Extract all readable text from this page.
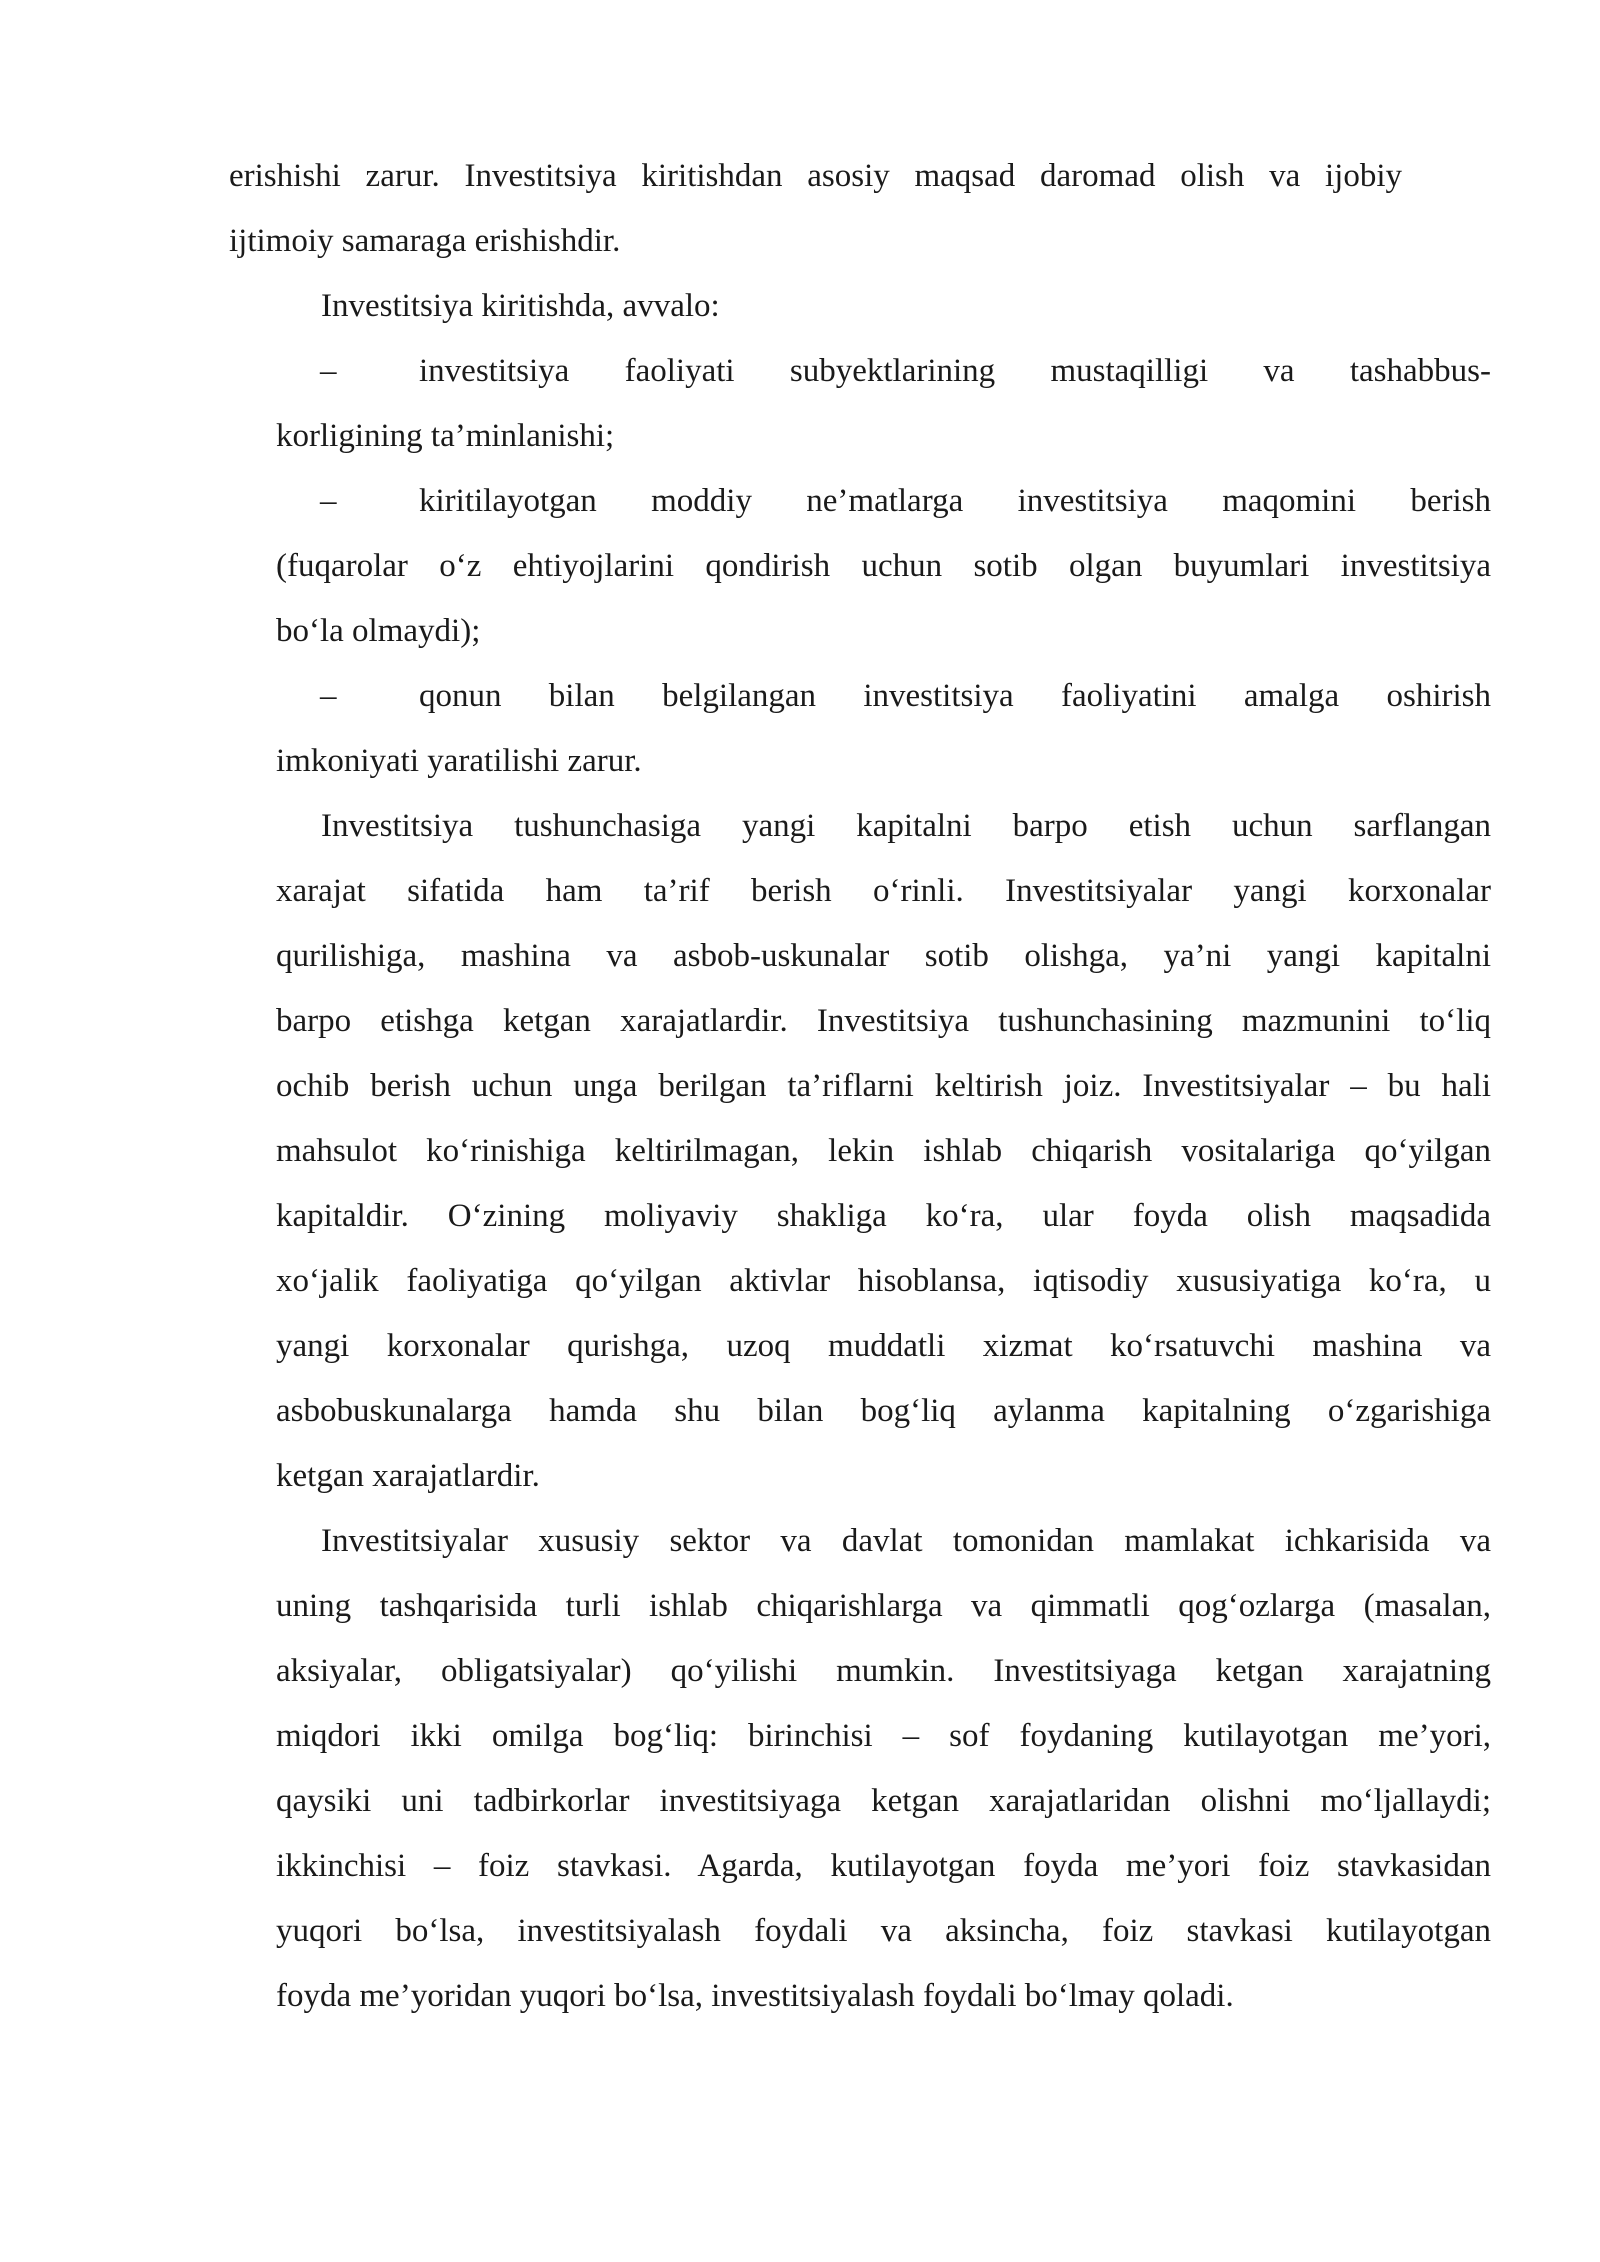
erishishi zarur. Investitsiya kiritishdan asosiy maqsad daromad olish va ijobiy
ijtimoiy samaraga erishishdir.
Investitsiya kiritishda, avvalo:
–	investitsiya faoliyati subyektlarining mustaqilligi va tashabbus-
korligining ta’minlanishi;
–	kiritilayotgan moddiy ne’matlarga investitsiya maqomini berish
(fuqarolar o‘z ehtiyojlarini qondirish uchun sotib olgan buyumlari investitsiya
bo‘la olmaydi);
–	qonun bilan belgilangan investitsiya faoliyatini amalga oshirish
imkoniyati yaratilishi zarur.
Investitsiya tushunchasiga yangi kapitalni barpo etish uchun sarflangan
xarajat sifatida ham ta’rif berish o‘rinli. Investitsiyalar yangi korxonalar
qurilishiga, mashina va asbob-uskunalar sotib olishga, ya’ni yangi kapitalni
barpo etishga ketgan xarajatlardir. Investitsiya tushunchasining mazmunini to‘liq
ochib berish uchun unga berilgan ta’riflarni keltirish joiz. Investitsiyalar – bu hali
mahsulot ko‘rinishiga keltirilmagan, lekin ishlab chiqarish vositalariga qo‘yilgan
kapitaldir. O‘zining moliyaviy shakliga ko‘ra, ular foyda olish maqsadida
xo‘jalik faoliyatiga qo‘yilgan aktivlar hisoblansa, iqtisodiy xususiyatiga ko‘ra, u
yangi korxonalar qurishga, uzoq muddatli xizmat ko‘rsatuvchi mashina va
asbobuskunalarga hamda shu bilan bog‘liq aylanma kapitalning o‘zgarishiga
ketgan xarajatlardir.
Investitsiyalar xususiy sektor va davlat tomonidan mamlakat ichkarisida va
uning tashqarisida turli ishlab chiqarishlarga va qimmatli qog‘ozlarga (masalan,
aksiyalar, obligatsiyalar) qo‘yilishi mumkin. Investitsiyaga ketgan xarajatning
miqdori ikki omilga bog‘liq: birinchisi – sof foydaning kutilayotgan me’yori,
qaysiki uni tadbirkorlar investitsiyaga ketgan xarajatlaridan olishni mo‘ljallaydi;
ikkinchisi – foiz stavkasi. Agarda, kutilayotgan foyda me’yori foiz stavkasidan
yuqori bo‘lsa, investitsiyalash foydali va aksincha, foiz stavkasi kutilayotgan
foyda me’yoridan yuqori bo‘lsa, investitsiyalash foydali bo‘lmay qoladi.
